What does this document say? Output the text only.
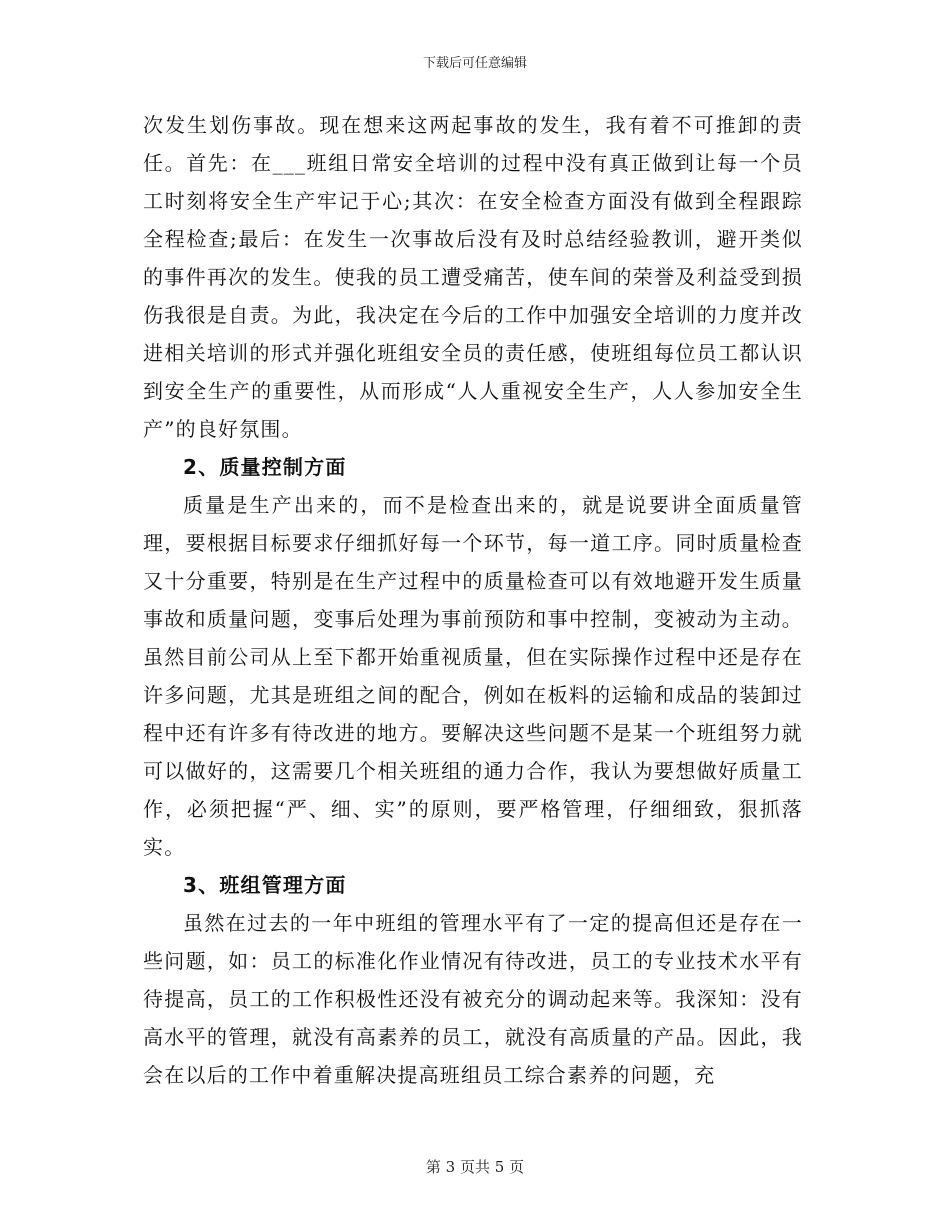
下载后可任意编辑

次发生划伤事故。现在想来这两起事故的发生，我有着不可推卸的责任。首先：在___班组日常安全培训的过程中没有真正做到让每一个员工时刻将安全生产牢记于心;其次：在安全检查方面没有做到全程跟踪全程检查;最后：在发生一次事故后没有及时总结经验教训，避开类似的事件再次的发生。使我的员工遭受痛苦，使车间的荣誉及利益受到损伤我很是自责。为此，我决定在今后的工作中加强安全培训的力度并改进相关培训的形式并强化班组安全员的责任感，使班组每位员工都认识到安全生产的重要性，从而形成“人人重视安全生产，人人参加安全生产”的良好氛围。

2、质量控制方面

质量是生产出来的，而不是检查出来的，就是说要讲全面质量管理，要根据目标要求仔细抓好每一个环节，每一道工序。同时质量检查又十分重要，特别是在生产过程中的质量检查可以有效地避开发生质量事故和质量问题，变事后处理为事前预防和事中控制，变被动为主动。虽然目前公司从上至下都开始重视质量，但在实际操作过程中还是存在许多问题，尤其是班组之间的配合，例如在板料的运输和成品的装卸过程中还有许多有待改进的地方。要解决这些问题不是某一个班组努力就可以做好的，这需要几个相关班组的通力合作，我认为要想做好质量工作，必须把握“严、细、实”的原则，要严格管理，仔细细致，狠抓落实。

3、班组管理方面

虽然在过去的一年中班组的管理水平有了一定的提高但还是存在一些问题，如：员工的标准化作业情况有待改进，员工的专业技术水平有待提高，员工的工作积极性还没有被充分的调动起来等。我深知：没有高水平的管理，就没有高素养的员工，就没有高质量的产品。因此，我会在以后的工作中着重解决提高班组员工综合素养的问题，充

第 3 页共 5 页
